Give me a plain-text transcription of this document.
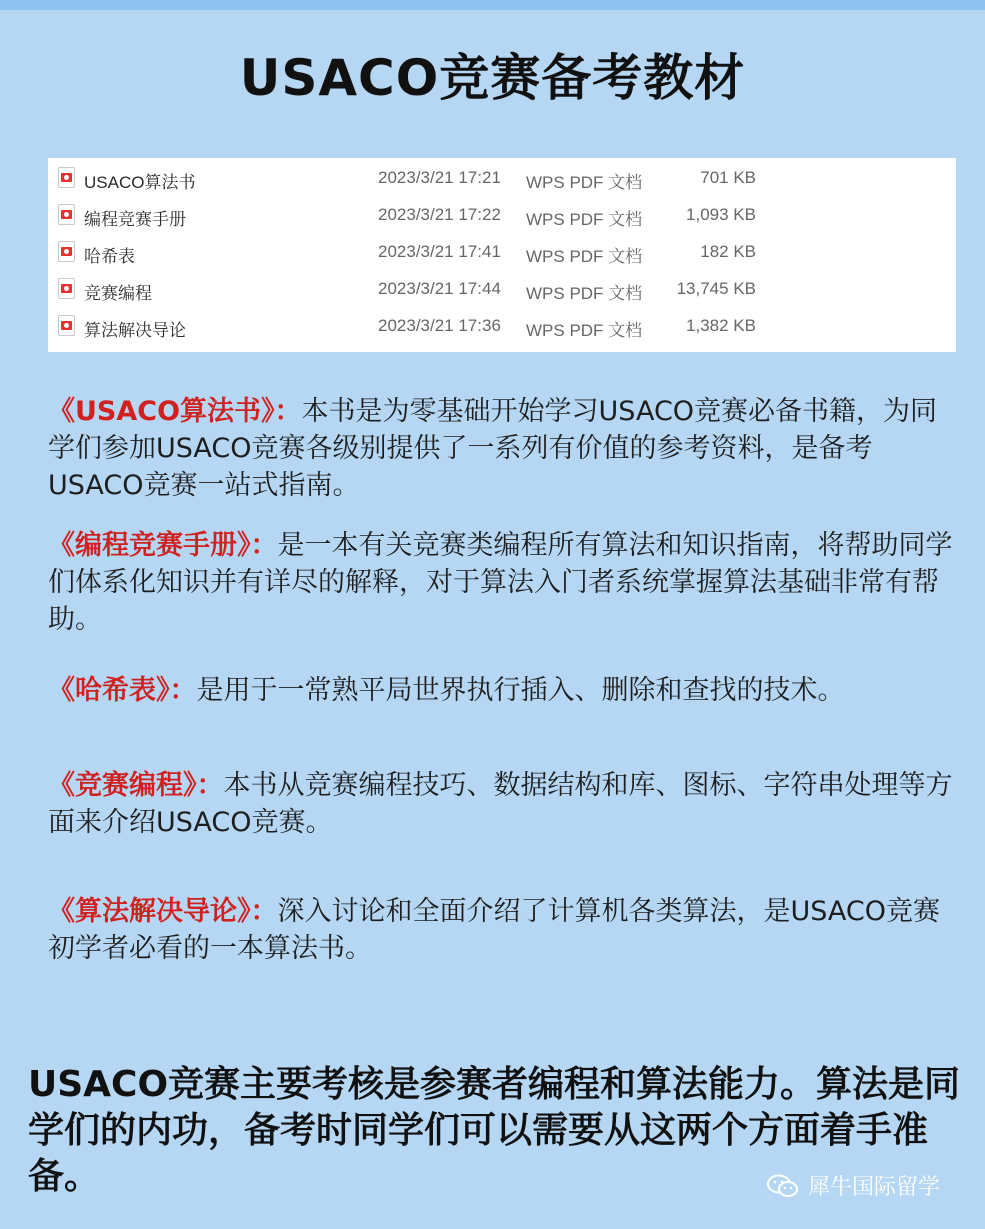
USACO竞赛备考教材
USACO算法书	2023/3/21 17:21 WPS PDF 文档	701 KB
编程竞赛手册	2023/3/21 17:22 WPS PDF 文档	1,093 KB
哈希表	2023/3/21 17:41 WPS PDF 文档	182 KB
竞赛编程	2023/3/21 17:44 WPS PDF 文档 13,745 KB
算法解决导论	2023/3/21 17:36 WPS PDF 文档	1,382 KB
《USACO算法书》：本书是为零基础开始学习USACO竞赛必备书籍，为同学们参加USACO竞赛各级别提供了一系列有价值的参考资料，是备考USACO竞赛一站式指南。
《编程竞赛手册》：是一本有关竞赛类编程所有算法和知识指南，将帮助同学们体系化知识并有详尽的解释，对于算法入门者系统掌握算法基础非常有帮助。
《哈希表》：是用于一常熟平局世界执行插入、删除和查找的技术。
《竞赛编程》：本书从竞赛编程技巧、数据结构和库、图标、字符串处理等方面来介绍USACO竞赛。
《算法解决导论》：深入讨论和全面介绍了计算机各类算法，是USACO竞赛初学者必看的一本算法书。
USACO竞赛主要考核是参赛者编程和算法能力。算法是同学们的内功，备考时同学们可以需要从这两个方面着手准备。	犀牛国际留学
